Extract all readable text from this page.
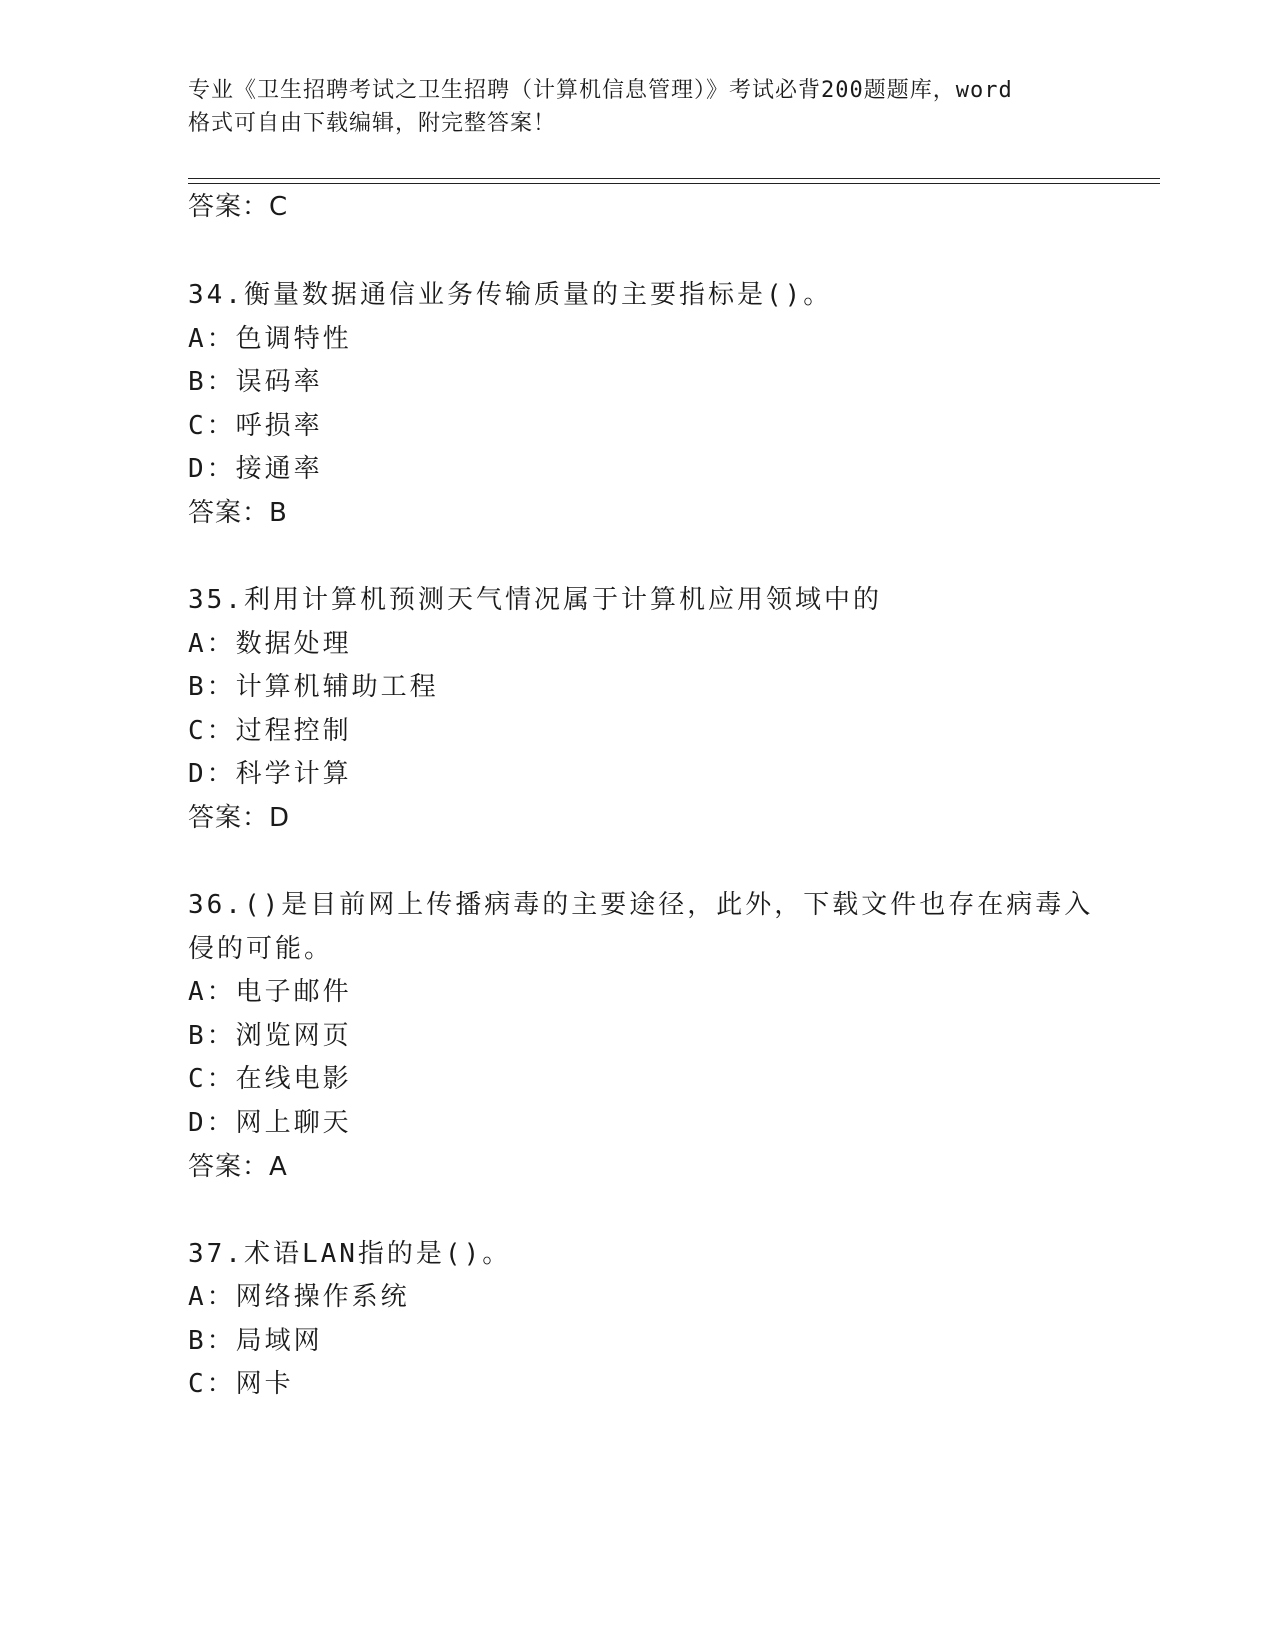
专业《卫生招聘考试之卫生招聘（计算机信息管理）》考试必背200题题库，word
格式可自由下载编辑，附完整答案！
答案：C
34.衡量数据通信业务传输质量的主要指标是()。
A：色调特性
B：误码率
C：呼损率
D：接通率
答案：B
35.利用计算机预测天气情况属于计算机应用领域中的
A：数据处理
B：计算机辅助工程
C：过程控制
D：科学计算
答案：D
36.()是目前网上传播病毒的主要途径，此外，下载文件也存在病毒入
侵的可能。
A：电子邮件
B：浏览网页
C：在线电影
D：网上聊天
答案：A
37.术语LAN指的是()。
A：网络操作系统
B：局域网
C：网卡
